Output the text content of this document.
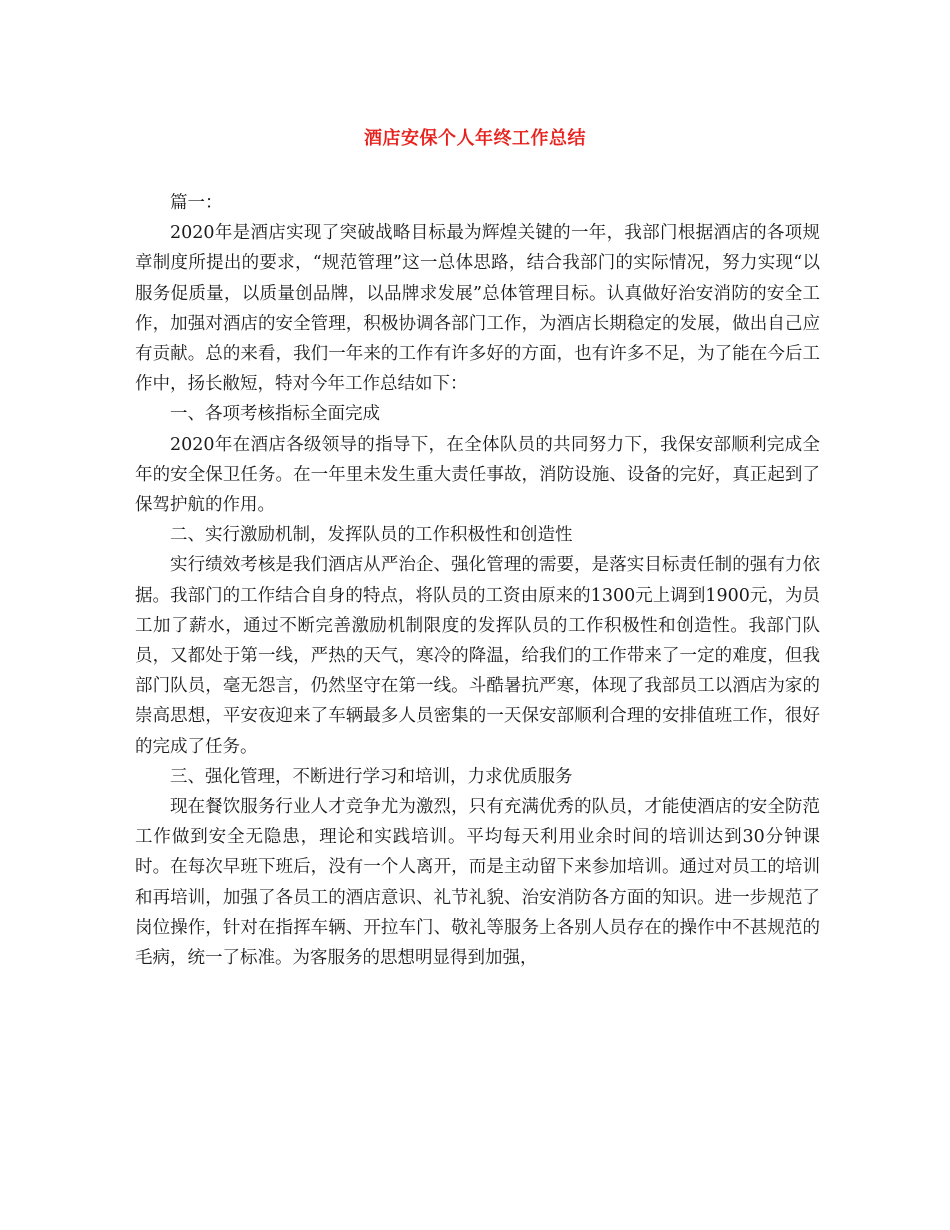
酒店安保个人年终工作总结

篇一：

2020年是酒店实现了突破战略目标最为辉煌关键的一年，我部门根据酒店的各项规章制度所提出的要求，“规范管理”这一总体思路，结合我部门的实际情况，努力实现“以服务促质量，以质量创品牌，以品牌求发展”总体管理目标。认真做好治安消防的安全工作，加强对酒店的安全管理，积极协调各部门工作，为酒店长期稳定的发展，做出自己应有贡献。总的来看，我们一年来的工作有许多好的方面，也有许多不足，为了能在今后工作中，扬长敝短，特对今年工作总结如下：

一、各项考核指标全面完成

2020年在酒店各级领导的指导下，在全体队员的共同努力下，我保安部顺利完成全年的安全保卫任务。在一年里未发生重大责任事故，消防设施、设备的完好，真正起到了保驾护航的作用。

二、实行激励机制，发挥队员的工作积极性和创造性

实行绩效考核是我们酒店从严治企、强化管理的需要，是落实目标责任制的强有力依据。我部门的工作结合自身的特点，将队员的工资由原来的1300元上调到1900元，为员工加了薪水，通过不断完善激励机制限度的发挥队员的工作积极性和创造性。我部门队员，又都处于第一线，严热的天气，寒冷的降温，给我们的工作带来了一定的难度，但我部门队员，毫无怨言，仍然坚守在第一线。斗酷暑抗严寒，体现了我部员工以酒店为家的崇高思想，平安夜迎来了车辆最多人员密集的一天保安部顺利合理的安排值班工作，很好的完成了任务。

三、强化管理，不断进行学习和培训，力求优质服务

现在餐饮服务行业人才竞争尤为激烈，只有充满优秀的队员，才能使酒店的安全防范工作做到安全无隐患，理论和实践培训。平均每天利用业余时间的培训达到30分钟课时。在每次早班下班后，没有一个人离开，而是主动留下来参加培训。通过对员工的培训和再培训，加强了各员工的酒店意识、礼节礼貌、治安消防各方面的知识。进一步规范了岗位操作，针对在指挥车辆、开拉车门、敬礼等服务上各别人员存在的操作中不甚规范的毛病，统一了标准。为客服务的思想明显得到加强，
